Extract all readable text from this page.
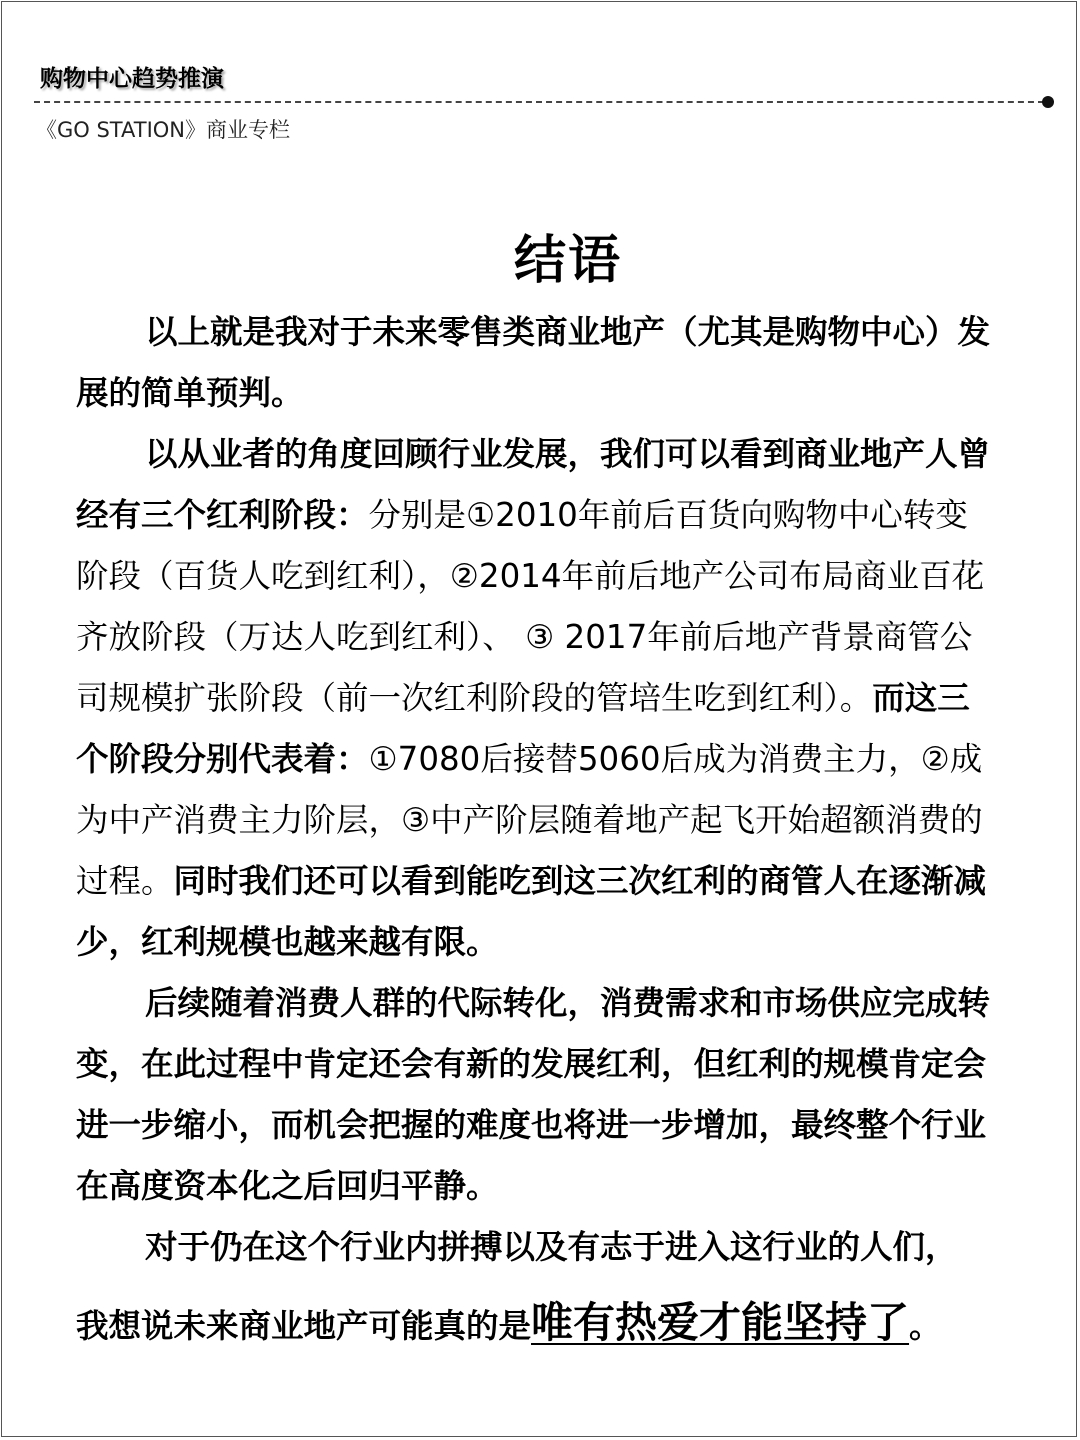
购物中心趋势推演
《GO STATION》商业专栏
结语

以上就是我对于未来零售类商业地产（尤其是购物中心）发展的简单预判。

以从业者的角度回顾行业发展，我们可以看到商业地产人曾经有三个红利阶段：分别是①2010年前后百货向购物中心转变阶段（百货人吃到红利），②2014年前后地产公司布局商业百花齐放阶段（万达人吃到红利）、 ③ 2017年前后地产背景商管公司规模扩张阶段（前一次红利阶段的管培生吃到红利）。而这三个阶段分别代表着：①7080后接替5060后成为消费主力，②成为中产消费主力阶层，③中产阶层随着地产起飞开始超额消费的过程。同时我们还可以看到能吃到这三次红利的商管人在逐渐减少，红利规模也越来越有限。

后续随着消费人群的代际转化，消费需求和市场供应完成转变，在此过程中肯定还会有新的发展红利，但红利的规模肯定会进一步缩小，而机会把握的难度也将进一步增加，最终整个行业在高度资本化之后回归平静。

对于仍在这个行业内拼搏以及有志于进入这行业的人们，

我想说未来商业地产可能真的是唯有热爱才能坚持了。
